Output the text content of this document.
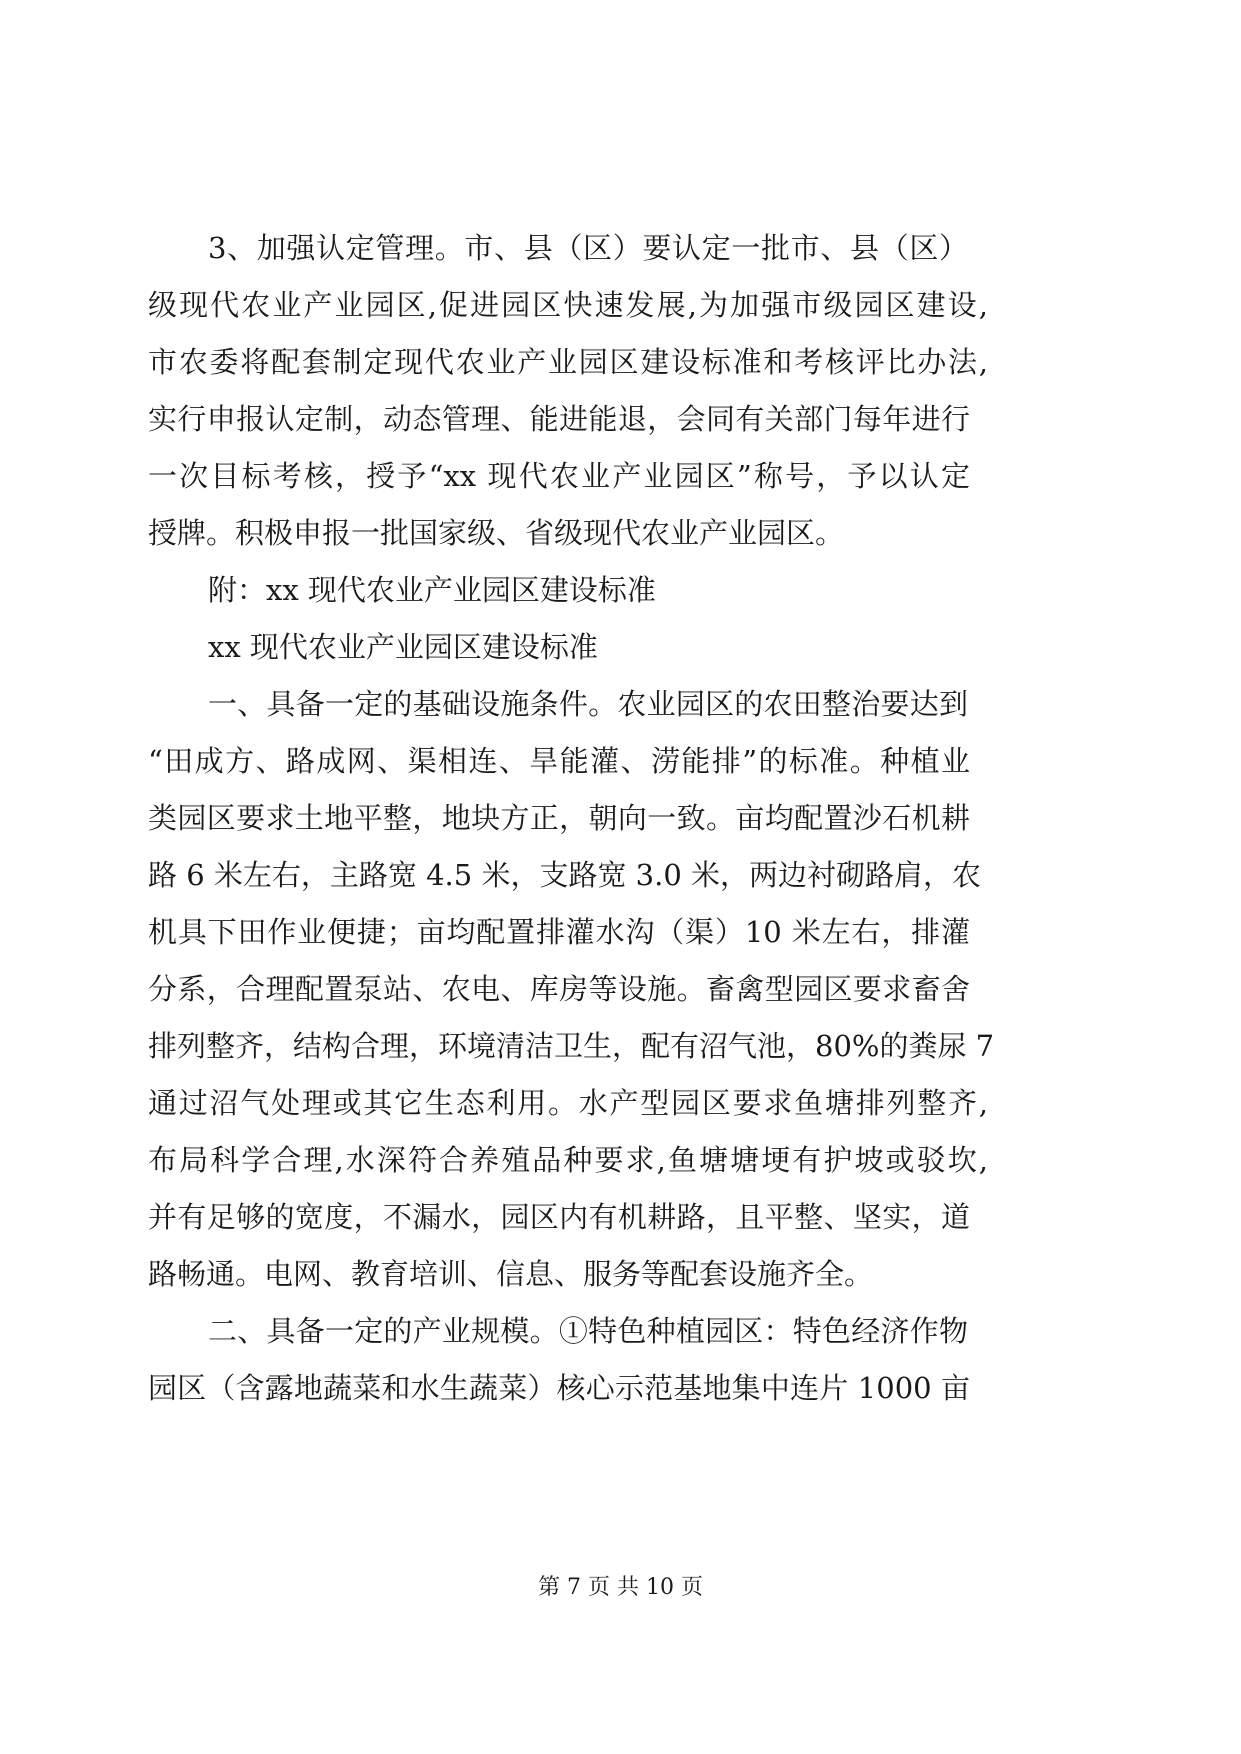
3、加强认定管理。市、县（区）要认定一批市、县（区）
级现代农业产业园区,促进园区快速发展,为加强市级园区建设,
市农委将配套制定现代农业产业园区建设标准和考核评比办法,
实行申报认定制，动态管理、能进能退，会同有关部门每年进行
一次目标考核，授予“xx 现代农业产业园区”称号，予以认定
授牌。积极申报一批国家级、省级现代农业产业园区。
附：xx 现代农业产业园区建设标准
xx 现代农业产业园区建设标准
一、具备一定的基础设施条件。农业园区的农田整治要达到
“田成方、路成网、渠相连、旱能灌、涝能排”的标准。种植业
类园区要求土地平整，地块方正，朝向一致。亩均配置沙石机耕
路 6 米左右，主路宽 4.5 米，支路宽 3.0 米，两边衬砌路肩，农
机具下田作业便捷；亩均配置排灌水沟（渠）10 米左右，排灌
分系，合理配置泵站、农电、库房等设施。畜禽型园区要求畜舍
排列整齐，结构合理，环境清洁卫生，配有沼气池，80%的粪尿 7
通过沼气处理或其它生态利用。水产型园区要求鱼塘排列整齐,
布局科学合理,水深符合养殖品种要求,鱼塘塘埂有护坡或驳坎,
并有足够的宽度，不漏水，园区内有机耕路，且平整、坚实，道
路畅通。电网、教育培训、信息、服务等配套设施齐全。
二、具备一定的产业规模。①特色种植园区：特色经济作物
园区（含露地蔬菜和水生蔬菜）核心示范基地集中连片 1000 亩
第 7 页 共 10 页
